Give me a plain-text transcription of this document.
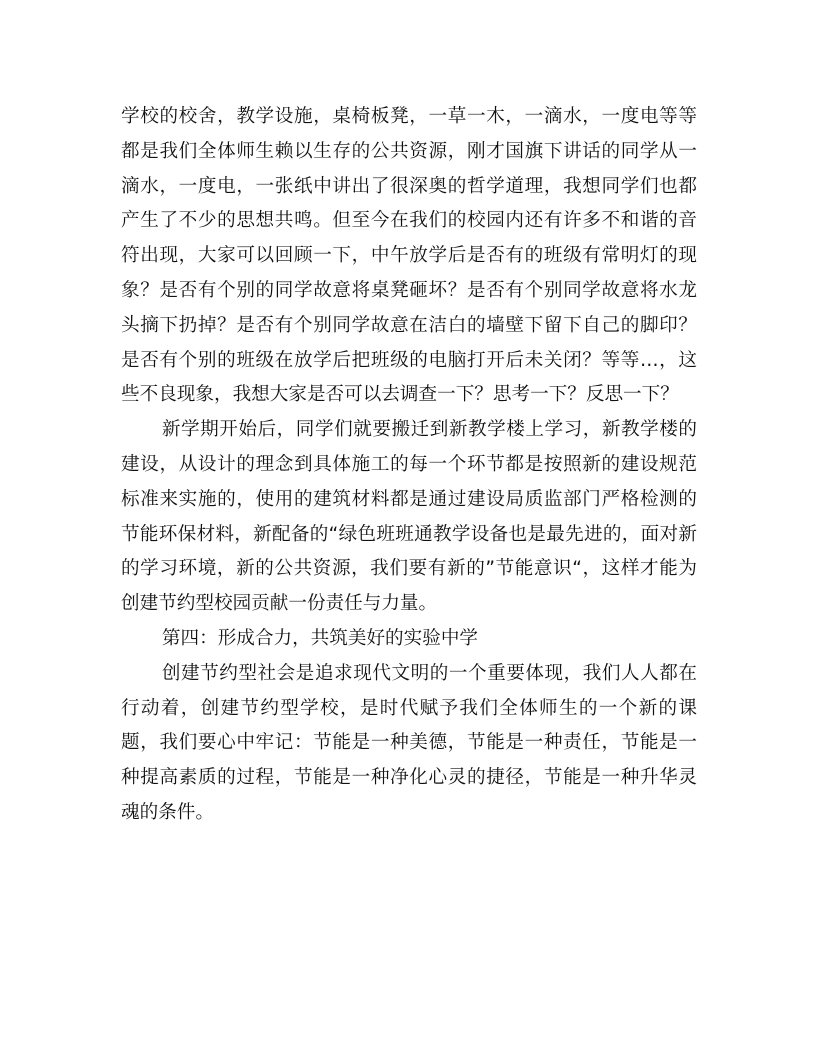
学校的校舍，教学设施，桌椅板凳，一草一木，一滴水，一度电等等都是我们全体师生赖以生存的公共资源，刚才国旗下讲话的同学从一滴水，一度电，一张纸中讲出了很深奥的哲学道理，我想同学们也都产生了不少的思想共鸣。但至今在我们的校园内还有许多不和谐的音符出现，大家可以回顾一下，中午放学后是否有的班级有常明灯的现象？是否有个别的同学故意将桌凳砸坏？是否有个别同学故意将水龙头摘下扔掉？是否有个别同学故意在洁白的墙壁下留下自己的脚印？是否有个别的班级在放学后把班级的电脑打开后未关闭？等等…，这些不良现象，我想大家是否可以去调查一下？思考一下？反思一下？

新学期开始后，同学们就要搬迁到新教学楼上学习，新教学楼的建设，从设计的理念到具体施工的每一个环节都是按照新的建设规范标准来实施的，使用的建筑材料都是通过建设局质监部门严格检测的节能环保材料，新配备的“绿色班班通教学设备也是最先进的，面对新的学习环境，新的公共资源，我们要有新的”节能意识“，这样才能为创建节约型校园贡献一份责任与力量。

第四：形成合力，共筑美好的实验中学

创建节约型社会是追求现代文明的一个重要体现，我们人人都在行动着，创建节约型学校，是时代赋予我们全体师生的一个新的课题，我们要心中牢记：节能是一种美德，节能是一种责任，节能是一种提高素质的过程，节能是一种净化心灵的捷径，节能是一种升华灵魂的条件。
